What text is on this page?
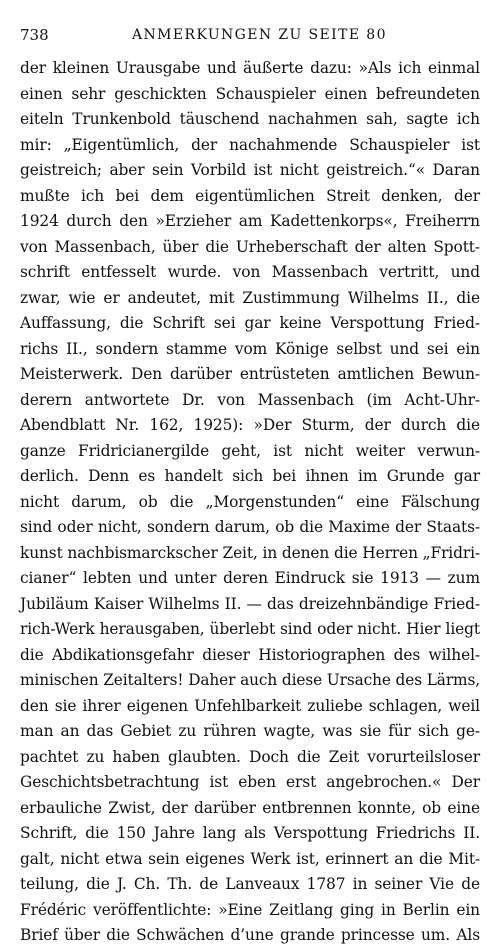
738	ANMERKUNGEN ZU SEITE 80
der kleinen Urausgabe und äußerte dazu: »Als ich einmal
einen sehr geschickten Schauspieler einen befreundeten
eiteln Trunkenbold täuschend nachahmen sah, sagte ich
mir: „Eigentümlich, der nachahmende Schauspieler ist
geistreich; aber sein Vorbild ist nicht geistreich.“« Daran
mußte ich bei dem eigentümlichen Streit denken, der
1924 durch den »Erzieher am Kadettenkorps«, Freiherrn
von Massenbach, über die Urheberschaft der alten Spott-
schrift entfesselt wurde. von Massenbach vertritt, und
zwar, wie er andeutet, mit Zustimmung Wilhelms II., die
Auffassung, die Schrift sei gar keine Verspottung Fried-
richs II., sondern stamme vom Könige selbst und sei ein
Meisterwerk. Den darüber entrüsteten amtlichen Bewun-
derern antwortete Dr. von Massenbach (im Acht-Uhr-
Abendblatt Nr. 162, 1925): »Der Sturm, der durch die
ganze Fridricianergilde geht, ist nicht weiter verwun-
derlich. Denn es handelt sich bei ihnen im Grunde gar
nicht darum, ob die „Morgenstunden“ eine Fälschung
sind oder nicht, sondern darum, ob die Maxime der Staats-
kunst nachbismarckscher Zeit, in denen die Herren „Fridri-
cianer“ lebten und unter deren Eindruck sie 1913 — zum
Jubiläum Kaiser Wilhelms II. — das dreizehnbändige Fried-
rich-Werk herausgaben, überlebt sind oder nicht. Hier liegt
die Abdikationsgefahr dieser Historiographen des wilhel-
minischen Zeitalters! Daher auch diese Ursache des Lärms,
den sie ihrer eigenen Unfehlbarkeit zuliebe schlagen, weil
man an das Gebiet zu rühren wagte, was sie für sich ge-
pachtet zu haben glaubten. Doch die Zeit vorurteilsloser
Geschichtsbetrachtung ist eben erst angebrochen.« Der
erbauliche Zwist, der darüber entbrennen konnte, ob eine
Schrift, die 150 Jahre lang als Verspottung Friedrichs II.
galt, nicht etwa sein eigenes Werk ist, erinnert an die Mit-
teilung, die J. Ch. Th. de Lanveaux 1787 in seiner Vie de
Frédéric veröffentlichte: »Eine Zeitlang ging in Berlin ein
Brief über die Schwächen d’une grande princesse um. Als
